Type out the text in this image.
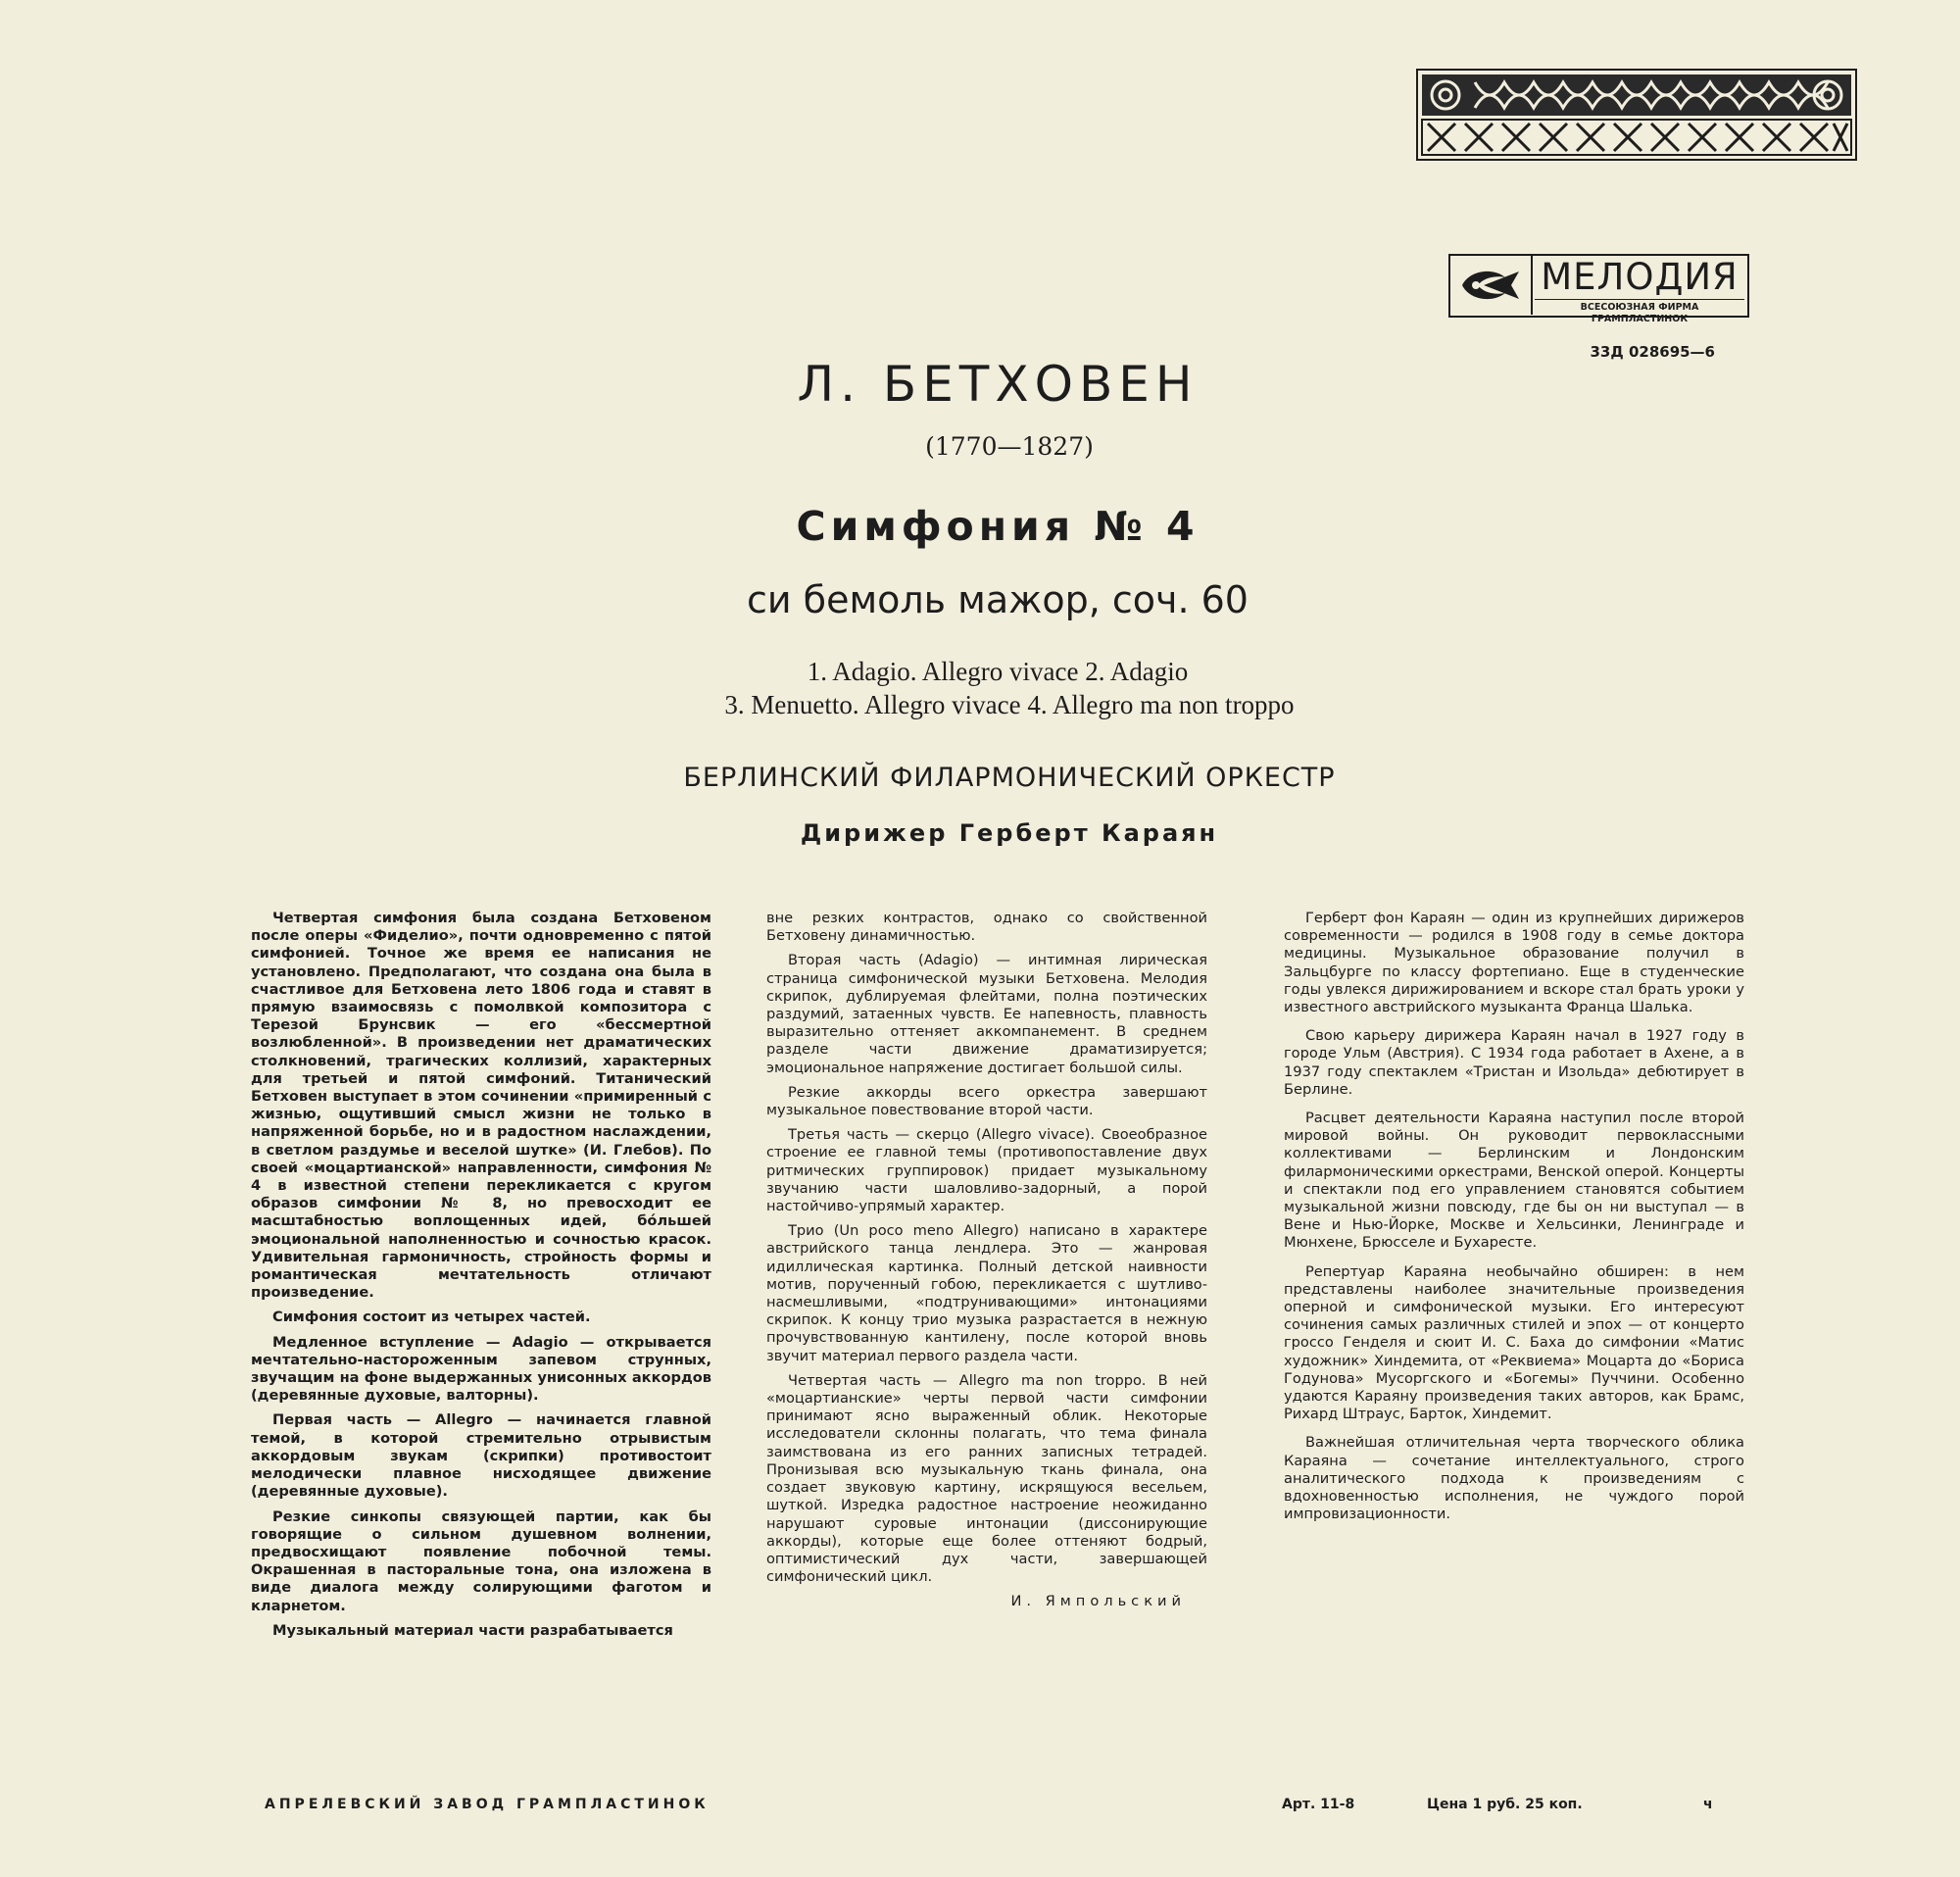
МЕЛОДИЯ
ВСЕСОЮЗНАЯ ФИРМА ГРАМПЛАСТИНОК
33Д 028695—6
Л. БЕТХОВЕН
(1770—1827)
Симфония № 4
си бемоль мажор, соч. 60
1. Adagio. Allegro vivace 2. Adagio
3. Menuetto. Allegro vivace 4. Allegro ma non troppo
БЕРЛИНСКИЙ ФИЛАРМОНИЧЕСКИЙ ОРКЕСТР
Дирижер Герберт Караян

Четвертая симфония была создана Бетховеном после оперы «Фиделио», почти одновременно с пятой симфонией. Точное же время ее написания не установлено. Предполагают, что создана она была в счастливое для Бетховена лето 1806 года и ставят в прямую взаимосвязь с помолвкой композитора с Терезой Брунсвик — его «бессмертной возлюбленной». В произведении нет драматических столкновений, трагических коллизий, характерных для третьей и пятой симфоний. Титанический Бетховен выступает в этом сочинении «примиренный с жизнью, ощутивший смысл жизни не только в напряженной борьбе, но и в радостном наслаждении, в светлом раздумье и веселой шутке» (И. Глебов). По своей «моцартианской» направленности, симфония № 4 в известной степени перекликается с кругом образов симфонии № 8, но превосходит ее масштабностью воплощенных идей, бóльшей эмоциональной наполненностью и сочностью красок. Удивительная гармоничность, стройность формы и романтическая мечтательность отличают произведение.

Симфония состоит из четырех частей.

Медленное вступление — Adagio — открывается мечтательно-настороженным запевом струнных, звучащим на фоне выдержанных унисонных аккордов (деревянные духовые, валторны).

Первая часть — Allegro — начинается главной темой, в которой стремительно отрывистым аккордовым звукам (скрипки) противостоит мелодически плавное нисходящее движение (деревянные духовые).

Резкие синкопы связующей партии, как бы говорящие о сильном душевном волнении, предвосхищают появление побочной темы. Окрашенная в пасторальные тона, она изложена в виде диалога между солирующими фаготом и кларнетом.

Музыкальный материал части разрабатывается

вне резких контрастов, однако со свойственной Бетховену динамичностью.

Вторая часть (Adagio) — интимная лирическая страница симфонической музыки Бетховена. Мелодия скрипок, дублируемая флейтами, полна поэтических раздумий, затаенных чувств. Ее напевность, плавность выразительно оттеняет аккомпанемент. В среднем разделе части движение драматизируется; эмоциональное напряжение достигает большой силы.

Резкие аккорды всего оркестра завершают музыкальное повествование второй части.

Третья часть — скерцо (Allegro vivace). Своеобразное строение ее главной темы (противопоставление двух ритмических группировок) придает музыкальному звучанию части шаловливо-задорный, а порой настойчиво-упрямый характер.

Трио (Un poco meno Allegro) написано в характере австрийского танца лендлера. Это — жанровая идиллическая картинка. Полный детской наивности мотив, порученный гобою, перекликается с шутливо-насмешливыми, «подтрунивающими» интонациями скрипок. К концу трио музыка разрастается в нежную прочувствованную кантилену, после которой вновь звучит материал первого раздела части.

Четвертая часть — Allegro ma non troppo. В ней «моцартианские» черты первой части симфонии принимают ясно выраженный облик. Некоторые исследователи склонны полагать, что тема финала заимствована из его ранних записных тетрадей. Пронизывая всю музыкальную ткань финала, она создает звуковую картину, искрящуюся весельем, шуткой. Изредка радостное настроение неожиданно нарушают суровые интонации (диссонирующие аккорды), которые еще более оттеняют бодрый, оптимистический дух части, завершающей симфонический цикл.

И. Ямпольский

Герберт фон Караян — один из крупнейших дирижеров современности — родился в 1908 году в семье доктора медицины. Музыкальное образование получил в Зальцбурге по классу фортепиано. Еще в студенческие годы увлекся дирижированием и вскоре стал брать уроки у известного австрийского музыканта Франца Шалька.

Свою карьеру дирижера Караян начал в 1927 году в городе Ульм (Австрия). С 1934 года работает в Ахене, а в 1937 году спектаклем «Тристан и Изольда» дебютирует в Берлине.

Расцвет деятельности Караяна наступил после второй мировой войны. Он руководит первоклассными коллективами — Берлинским и Лондонским филармоническими оркестрами, Венской оперой. Концерты и спектакли под его управлением становятся событием музыкальной жизни повсюду, где бы он ни выступал — в Вене и Нью-Йорке, Москве и Хельсинки, Ленинграде и Мюнхене, Брюсселе и Бухаресте.

Репертуар Караяна необычайно обширен: в нем представлены наиболее значительные произведения оперной и симфонической музыки. Его интересуют сочинения самых различных стилей и эпох — от концерто гроссо Генделя и сюит И. С. Баха до симфонии «Матис художник» Хиндемита, от «Реквиема» Моцарта до «Бориса Годунова» Мусоргского и «Богемы» Пуччини. Особенно удаются Караяну произведения таких авторов, как Брамс, Рихард Штраус, Барток, Хиндемит.

Важнейшая отличительная черта творческого облика Караяна — сочетание интеллектуального, строго аналитического подхода к произведениям с вдохновенностью исполнения, не чуждого порой импровизационности.

АПРЕЛЕВСКИЙ ЗАВОД ГРАМПЛАСТИНОК	Арт. 11-8	Цена 1 руб. 25 коп.	ч
